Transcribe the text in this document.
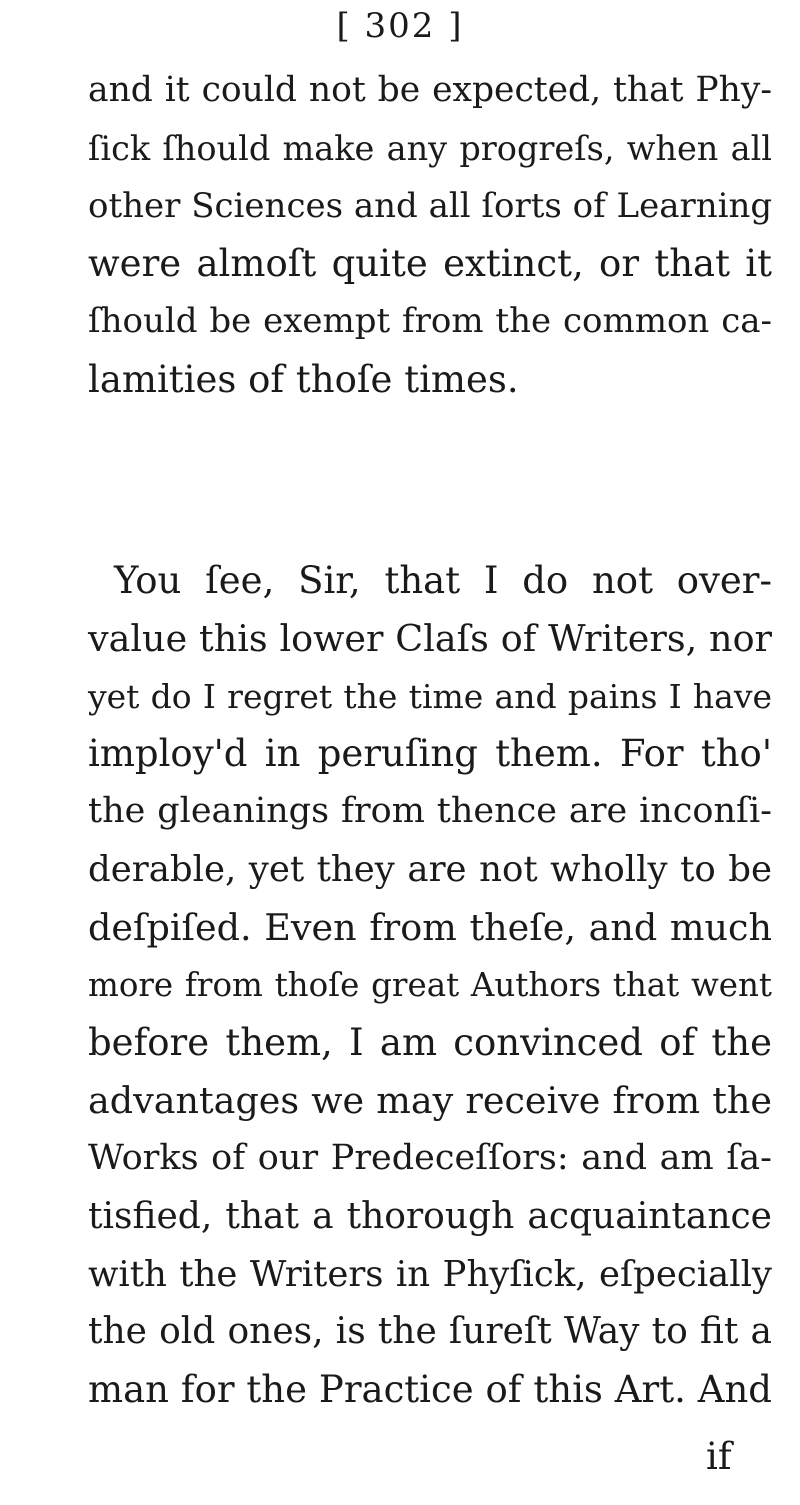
[ 302 ]
and it could not be expected, that Phy-
ſick ſhould make any progreſs, when all
other Sciences and all ſorts of Learning
were almoſt quite extinct, or that it
ſhould be exempt from the common ca-
lamities of thoſe times.
You ſee, Sir, that I do not over-
value this lower Claſs of Writers, nor
yet do I regret the time and pains I have
imploy'd in peruſing them. For tho'
the gleanings from thence are inconſi-
derable, yet they are not wholly to be
deſpiſed. Even from theſe, and much
more from thoſe great Authors that went
before them, I am convinced of the
advantages we may receive from the
Works of our Predeceſſors: and am ſa-
tisfied, that a thorough acquaintance
with the Writers in Phyſick, eſpecially
the old ones, is the ſureſt Way to fit a
man for the Practice of this Art. And
if
